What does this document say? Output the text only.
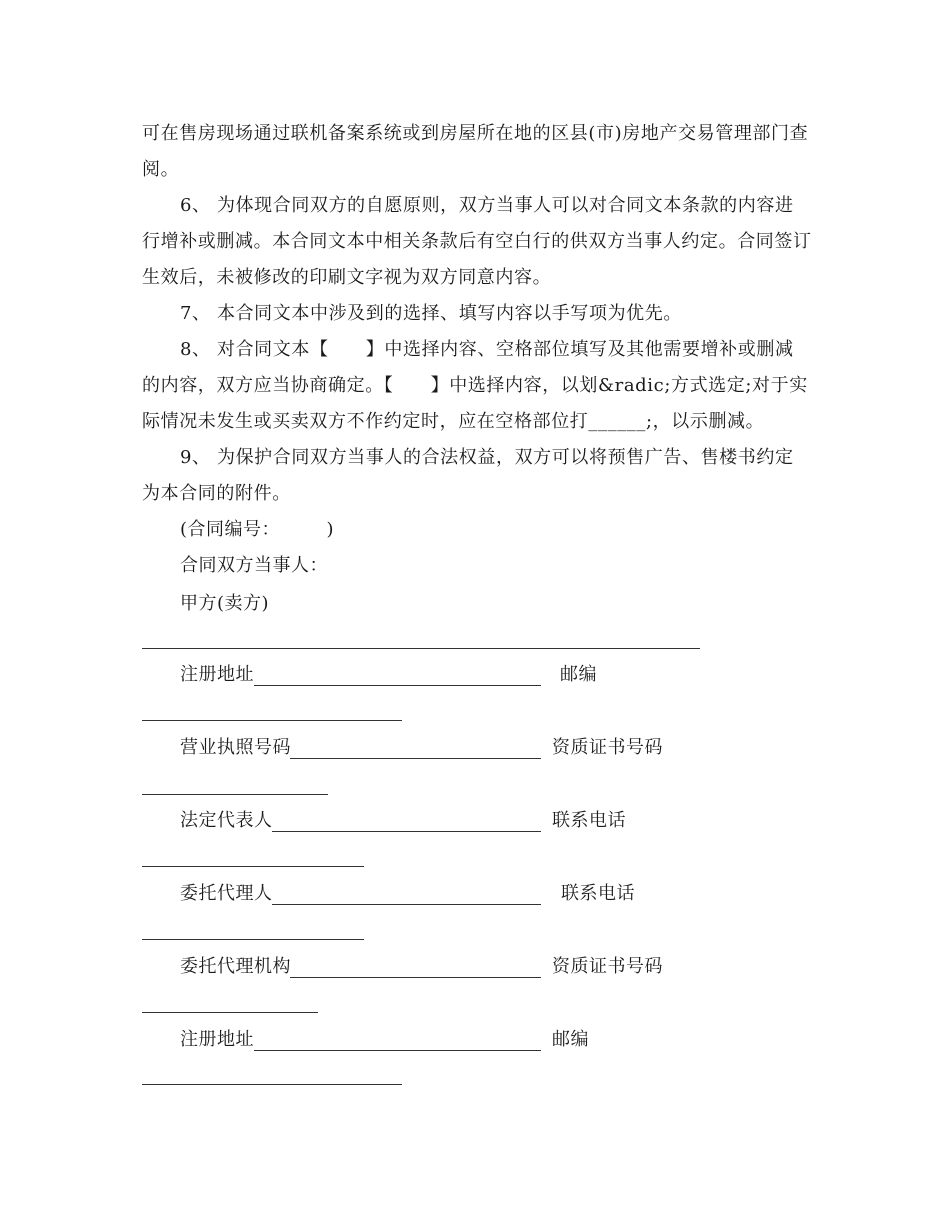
可在售房现场通过联机备案系统或到房屋所在地的区县(市)房地产交易管理部门查阅。
6、 为体现合同双方的自愿原则，双方当事人可以对合同文本条款的内容进行增补或删减。本合同文本中相关条款后有空白行的供双方当事人约定。合同签订生效后，未被修改的印刷文字视为双方同意内容。
7、 本合同文本中涉及到的选择、填写内容以手写项为优先。
8、 对合同文本【　　】中选择内容、空格部位填写及其他需要增补或删减的内容，双方应当协商确定。【　　】中选择内容，以划&radic;方式选定;对于实际情况未发生或买卖双方不作约定时，应在空格部位打______;，以示删减。
9、 为保护合同双方当事人的合法权益，双方可以将预售广告、售楼书约定为本合同的附件。
(合同编号：　　　)
合同双方当事人：
甲方(卖方)
注册地址	邮编
营业执照号码	资质证书号码
法定代表人	联系电话
委托代理人	联系电话
委托代理机构	资质证书号码
注册地址	邮编
